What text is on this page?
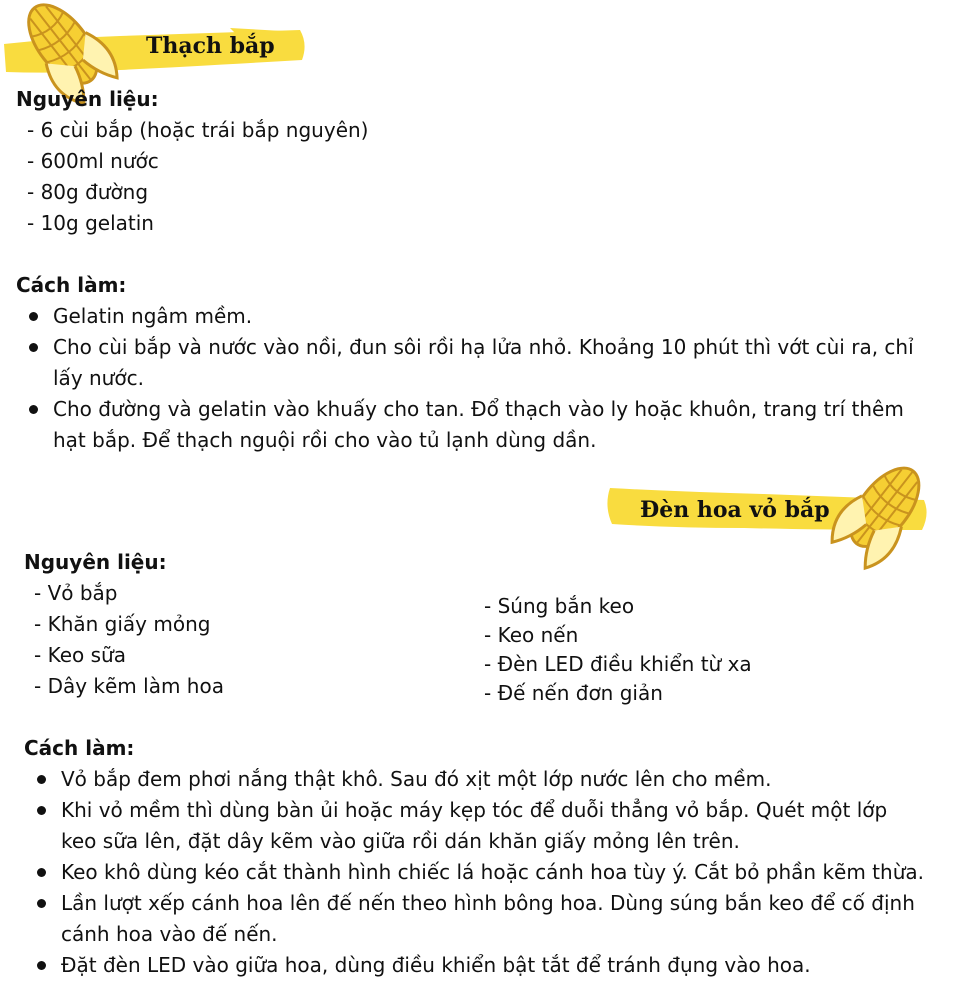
Thạch bắp
Nguyên liệu:
- 6 cùi bắp (hoặc trái bắp nguyên)
- 600ml nước
- 80g đường
- 10g gelatin
Cách làm:
Gelatin ngâm mềm.
Cho cùi bắp và nước vào nồi, đun sôi rồi hạ lửa nhỏ. Khoảng 10 phút thì vớt cùi ra, chỉ lấy nước.
Cho đường và gelatin vào khuấy cho tan. Đổ thạch vào ly hoặc khuôn, trang trí thêm hạt bắp. Để thạch nguội rồi cho vào tủ lạnh dùng dần.
Đèn hoa vỏ bắp
Nguyên liệu:
- Vỏ bắp
- Khăn giấy mỏng
- Keo sữa
- Dây kẽm làm hoa
- Súng bắn keo
- Keo nến
- Đèn LED điều khiển từ xa
- Đế nến đơn giản
Cách làm:
Vỏ bắp đem phơi nắng thật khô. Sau đó xịt một lớp nước lên cho mềm.
Khi vỏ mềm thì dùng bàn ủi hoặc máy kẹp tóc để duỗi thẳng vỏ bắp. Quét một lớp keo sữa lên, đặt dây kẽm vào giữa rồi dán khăn giấy mỏng lên trên.
Keo khô dùng kéo cắt thành hình chiếc lá hoặc cánh hoa tùy ý. Cắt bỏ phần kẽm thừa.
Lần lượt xếp cánh hoa lên đế nến theo hình bông hoa. Dùng súng bắn keo để cố định cánh hoa vào đế nến.
Đặt đèn LED vào giữa hoa, dùng điều khiển bật tắt để tránh đụng vào hoa.
